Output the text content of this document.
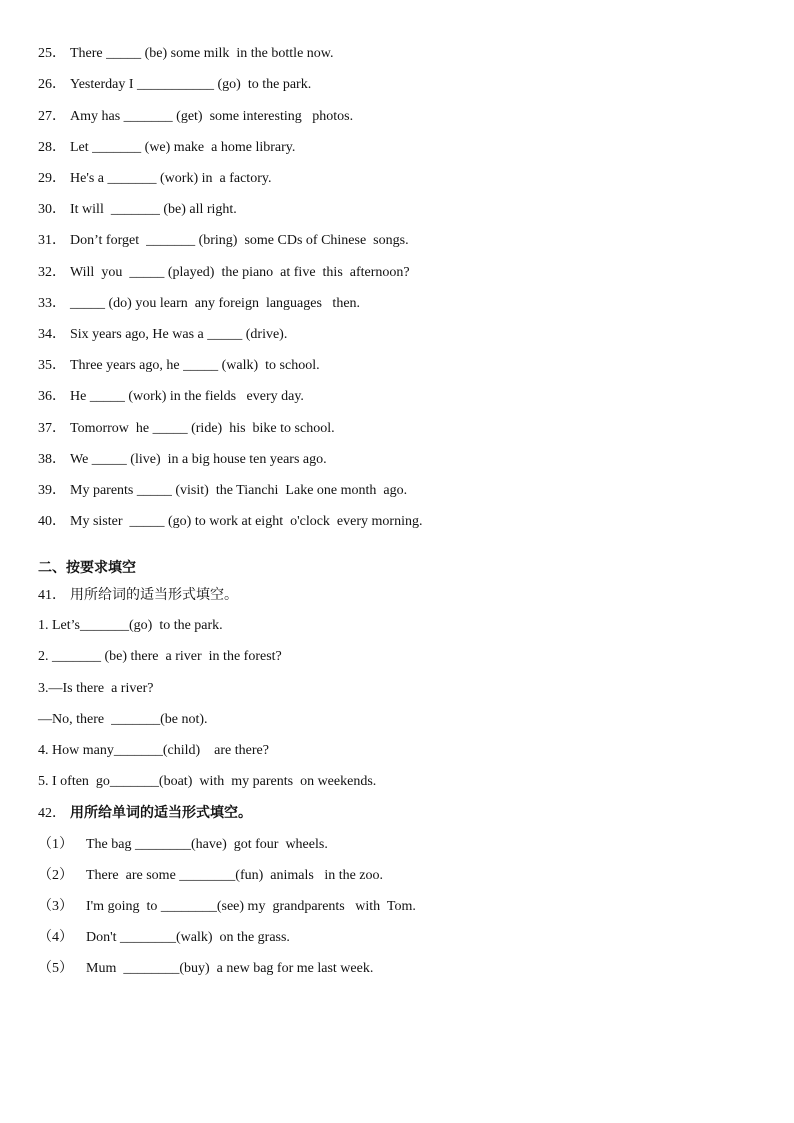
25． There _____ (be) some milk  in the bottle now.
26． Yesterday I ___________ (go)  to the park.
27． Amy has _______ (get)  some interesting   photos.
28． Let _______ (we) make  a home library.
29． He's a _______ (work) in  a factory.
30． It will  _______ (be) all right.
31． Don’t forget  _______ (bring)  some CDs of Chinese  songs.
32． Will  you  _____ (played)  the piano  at five  this  afternoon?
33． _____ (do) you learn  any foreign  languages   then.
34． Six years ago, He was a _____ (drive).
35． Three years ago, he _____ (walk)  to school.
36． He _____ (work) in the fields   every day.
37． Tomorrow  he _____ (ride)  his  bike to school.
38． We _____ (live)  in a big house ten years ago.
39． My parents _____ (visit)  the Tianchi  Lake one month  ago.
40． My sister  _____ (go) to work at eight  o'clock  every morning.
二、按要求填空
41． 用所给词的适当形式填空。
1. Let’s_______(go)  to the park.
2. _______ (be) there  a river  in the forest?
3.—Is there  a river?
—No, there  _______(be not).
4. How many_______(child)    are there?
5. I often  go_______(boat)  with  my parents  on weekends.
42． 用所给单词的适当形式填空。
（1） The bag ________(have)  got four  wheels.
（2） There  are some ________(fun)  animals   in the zoo.
（3） I'm going  to ________(see) my  grandparents   with  Tom.
（4） Don't ________(walk)  on the grass.
（5） Mum  ________(buy)  a new bag for me last week.
